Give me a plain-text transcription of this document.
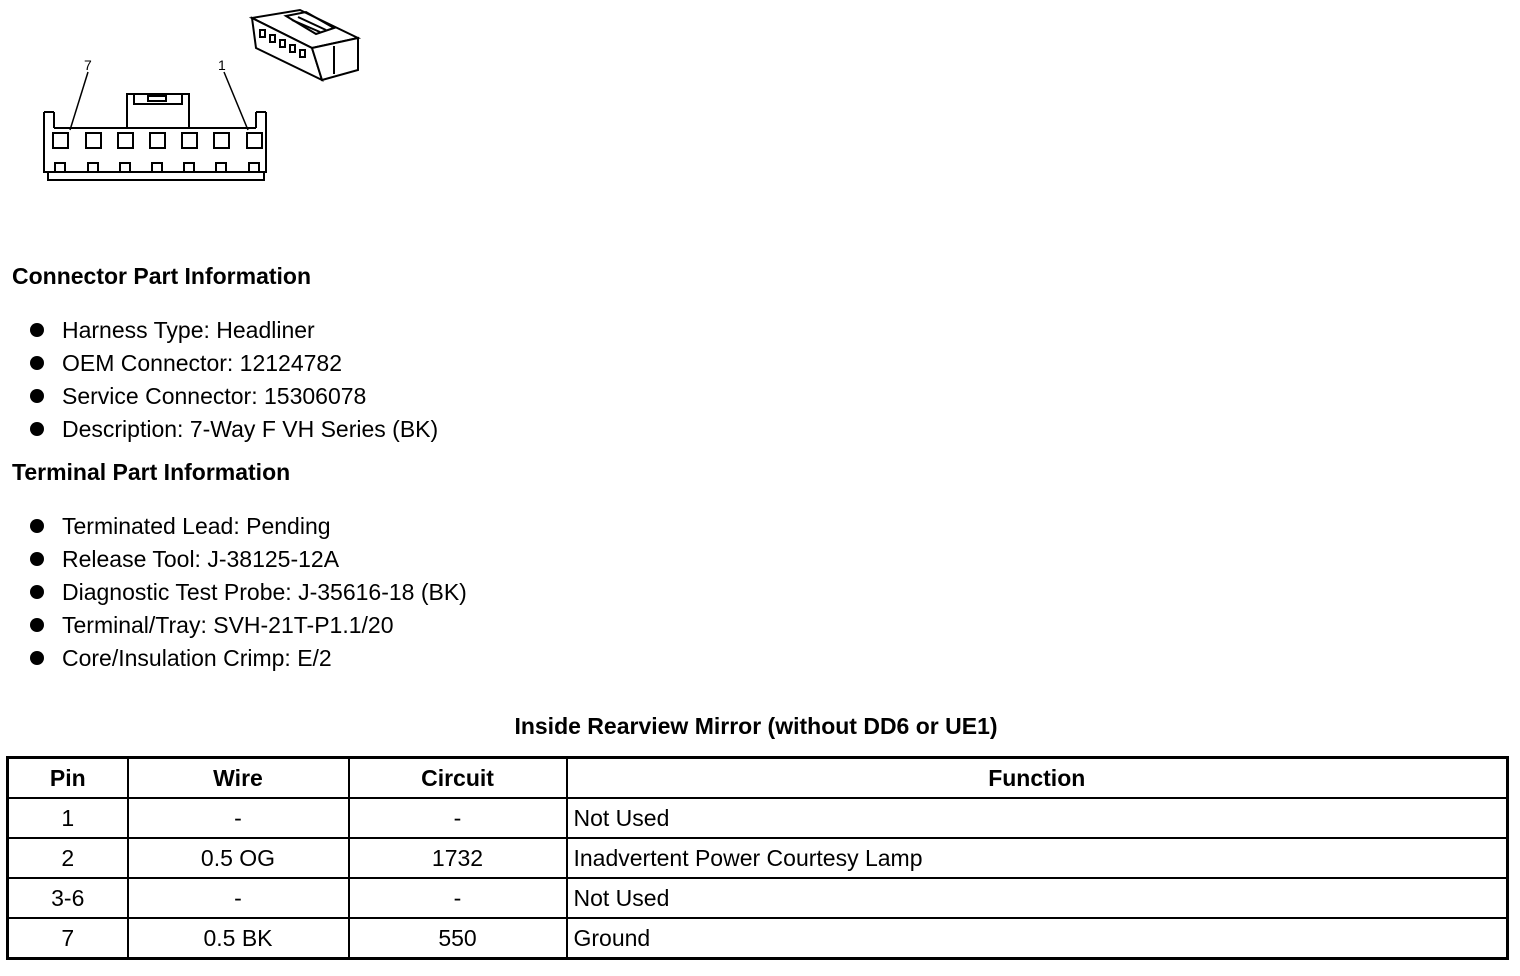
7	1
Connector Part Information
Harness Type: Headliner
OEM Connector: 12124782
Service Connector: 15306078
Description: 7-Way F VH Series (BK)
Terminal Part Information
Terminated Lead: Pending
Release Tool: J-38125-12A
Diagnostic Test Probe: J-35616-18 (BK)
Terminal/Tray: SVH-21T-P1.1/20
Core/Insulation Crimp: E/2
Inside Rearview Mirror (without DD6 or UE1)
Pin	Wire	Circuit	Function
1	-	-	Not Used
2	0.5 OG	1732	Inadvertent Power Courtesy Lamp
3-6	-	-	Not Used
7	0.5 BK	550	Ground
